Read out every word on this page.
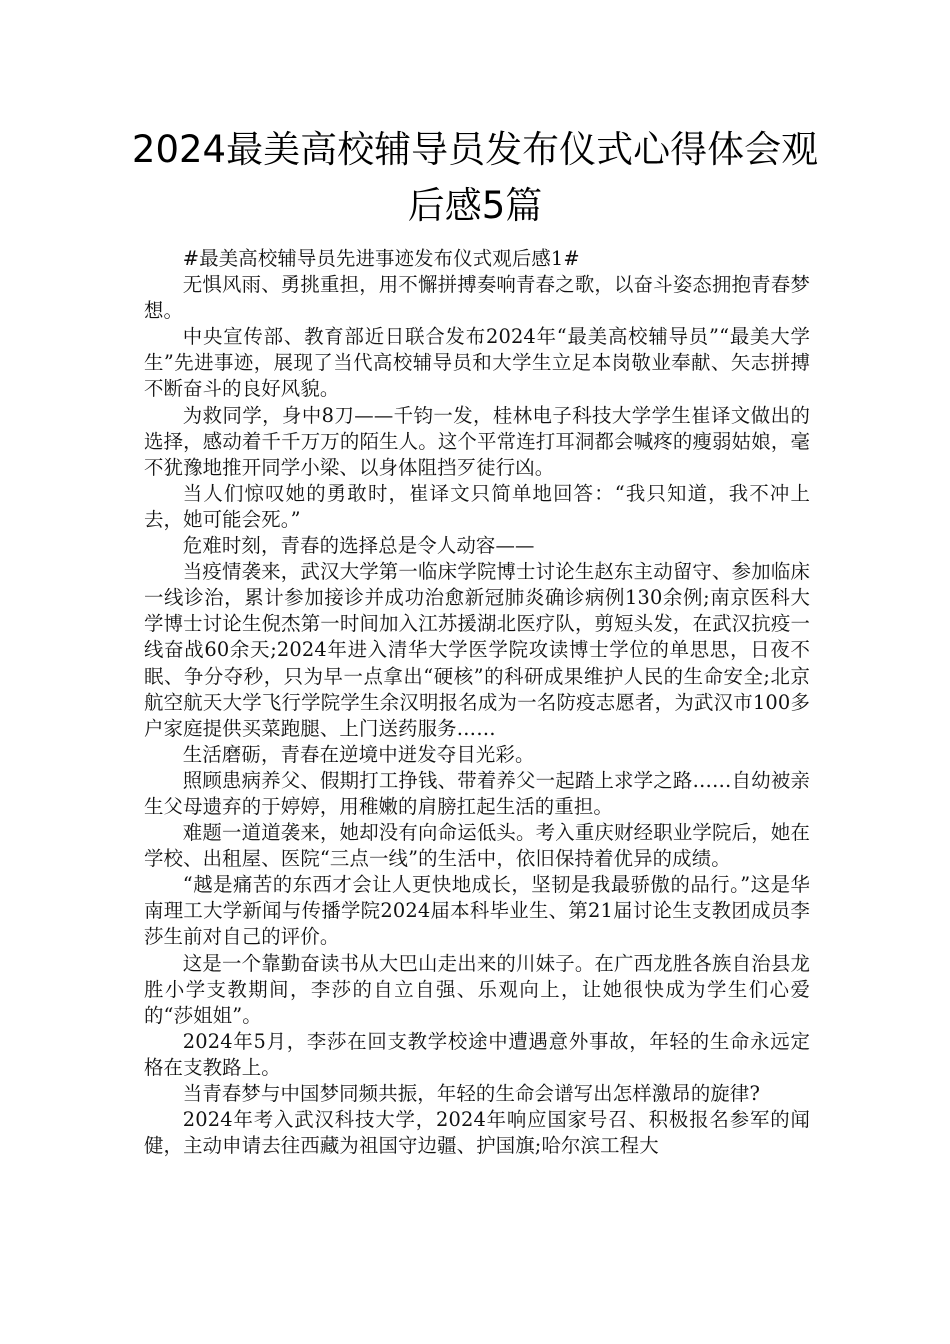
2024最美高校辅导员发布仪式心得体会观后感5篇

#最美高校辅导员先进事迹发布仪式观后感1#

无惧风雨、勇挑重担，用不懈拼搏奏响青春之歌，以奋斗姿态拥抱青春梦想。

中央宣传部、教育部近日联合发布2024年“最美高校辅导员”“最美大学生”先进事迹，展现了当代高校辅导员和大学生立足本岗敬业奉献、矢志拼搏不断奋斗的良好风貌。

为救同学，身中8刀——千钧一发，桂林电子科技大学学生崔译文做出的选择，感动着千千万万的陌生人。这个平常连打耳洞都会喊疼的瘦弱姑娘，毫不犹豫地推开同学小梁、以身体阻挡歹徒行凶。

当人们惊叹她的勇敢时，崔译文只简单地回答：“我只知道，我不冲上去，她可能会死。”

危难时刻，青春的选择总是令人动容——

当疫情袭来，武汉大学第一临床学院博士讨论生赵东主动留守、参加临床一线诊治，累计参加接诊并成功治愈新冠肺炎确诊病例130余例;南京医科大学博士讨论生倪杰第一时间加入江苏援湖北医疗队，剪短头发，在武汉抗疫一线奋战60余天;2024年进入清华大学医学院攻读博士学位的单思思，日夜不眠、争分夺秒，只为早一点拿出“硬核”的科研成果维护人民的生命安全;北京航空航天大学飞行学院学生余汉明报名成为一名防疫志愿者，为武汉市100多户家庭提供买菜跑腿、上门送药服务……

生活磨砺，青春在逆境中迸发夺目光彩。

照顾患病养父、假期打工挣钱、带着养父一起踏上求学之路……自幼被亲生父母遗弃的于婷婷，用稚嫩的肩膀扛起生活的重担。

难题一道道袭来，她却没有向命运低头。考入重庆财经职业学院后，她在学校、出租屋、医院“三点一线”的生活中，依旧保持着优异的成绩。

“越是痛苦的东西才会让人更快地成长，坚韧是我最骄傲的品行。”这是华南理工大学新闻与传播学院2024届本科毕业生、第21届讨论生支教团成员李莎生前对自己的评价。

这是一个靠勤奋读书从大巴山走出来的川妹子。在广西龙胜各族自治县龙胜小学支教期间，李莎的自立自强、乐观向上，让她很快成为学生们心爱的“莎姐姐”。

2024年5月，李莎在回支教学校途中遭遇意外事故，年轻的生命永远定格在支教路上。

当青春梦与中国梦同频共振，年轻的生命会谱写出怎样激昂的旋律?

2024年考入武汉科技大学，2024年响应国家号召、积极报名参军的闻健，主动申请去往西藏为祖国守边疆、护国旗;哈尔滨工程大
